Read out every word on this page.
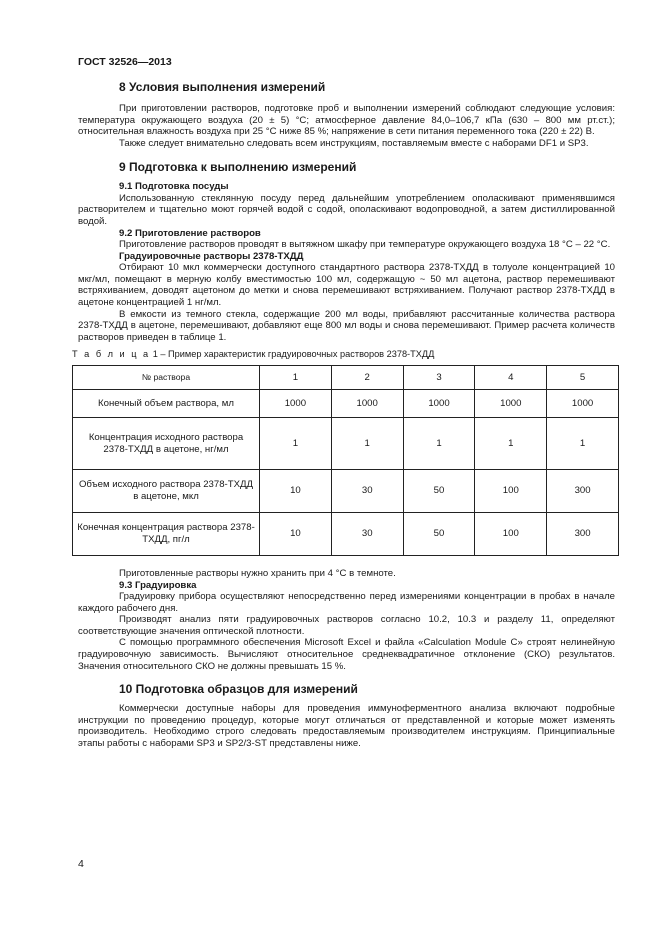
ГОСТ 32526—2013
8 Условия выполнения измерений

При приготовлении растворов, подготовке проб и выполнении измерений соблюдают следующие условия: температура окружающего воздуха (20 ± 5) °С; атмосферное давление 84,0–106,7 кПа (630 – 800 мм рт.ст.); относительная влажность воздуха при 25 °С ниже 85 %; напряжение в сети питания переменного тока (220 ± 22) В.

Также следует внимательно следовать всем инструкциям, поставляемым вместе с наборами DF1 и SP3.

9 Подготовка к выполнению измерений
9.1 Подготовка посуды

Использованную стеклянную посуду перед дальнейшим употреблением ополаскивают применявшимся растворителем и тщательно моют горячей водой с содой, ополаскивают водопроводной, а затем дистиллированной водой.

9.2 Приготовление растворов

Приготовление растворов проводят в вытяжном шкафу при температуре окружающего воздуха 18 °С – 22 °С.

Градуировочные растворы 2378-ТХДД

Отбирают 10 мкл коммерчески доступного стандартного раствора 2378-ТХДД в толуоле концентрацией 10 мкг/мл, помещают в мерную колбу вместимостью 100 мл, содержащую ~ 50 мл ацетона, раствор перемешивают встряхиванием, доводят ацетоном до метки и снова перемешивают встряхиванием. Получают раствор 2378-ТХДД в ацетоне концентрацией 1 нг/мл.

В емкости из темного стекла, содержащие 200 мл воды, прибавляют рассчитанные количества раствора 2378-ТХДД в ацетоне, перемешивают, добавляют еще 800 мл воды и снова перемешивают. Пример расчета количеств растворов приведен в таблице 1.

Т а б л и ц а 1 – Пример характеристик градуировочных растворов 2378-ТХДД

№ раствора	1	2	3	4	5
Конечный объем раствора, мл	1000	1000	1000	1000	1000
Концентрация исходного раствора 2378-ТХДД в ацетоне, нг/мл	1	1	1	1	1
Объем исходного раствора 2378-ТХДД в ацетоне, мкл	10	30	50	100	300
Конечная концентрация раствора 2378-ТХДД, пг/л	10	30	50	100	300

Приготовленные растворы нужно хранить при 4 °С в темноте.

9.3 Градуировка

Градуировку прибора осуществляют непосредственно перед измерениями концентрации в пробах в начале каждого рабочего дня.

Производят анализ пяти градуировочных растворов согласно 10.2, 10.3 и разделу 11, определяют соответствующие значения оптической плотности.

С помощью программного обеспечения Microsoft Excel и файла «Calculation Module C» строят нелинейную градуировочную зависимость. Вычисляют относительное среднеквадратичное отклонение (СКО) результатов. Значения относительного СКО не должны превышать 15 %.

10 Подготовка образцов для измерений

Коммерчески доступные наборы для проведения иммуноферментного анализа включают подробные инструкции по проведению процедур, которые могут отличаться от представленной и которые может изменять производитель. Необходимо строго следовать предоставляемым производителем инструкциям. Принципиальные этапы работы с наборами SP3 и SP2/3-ST представлены ниже.

4
